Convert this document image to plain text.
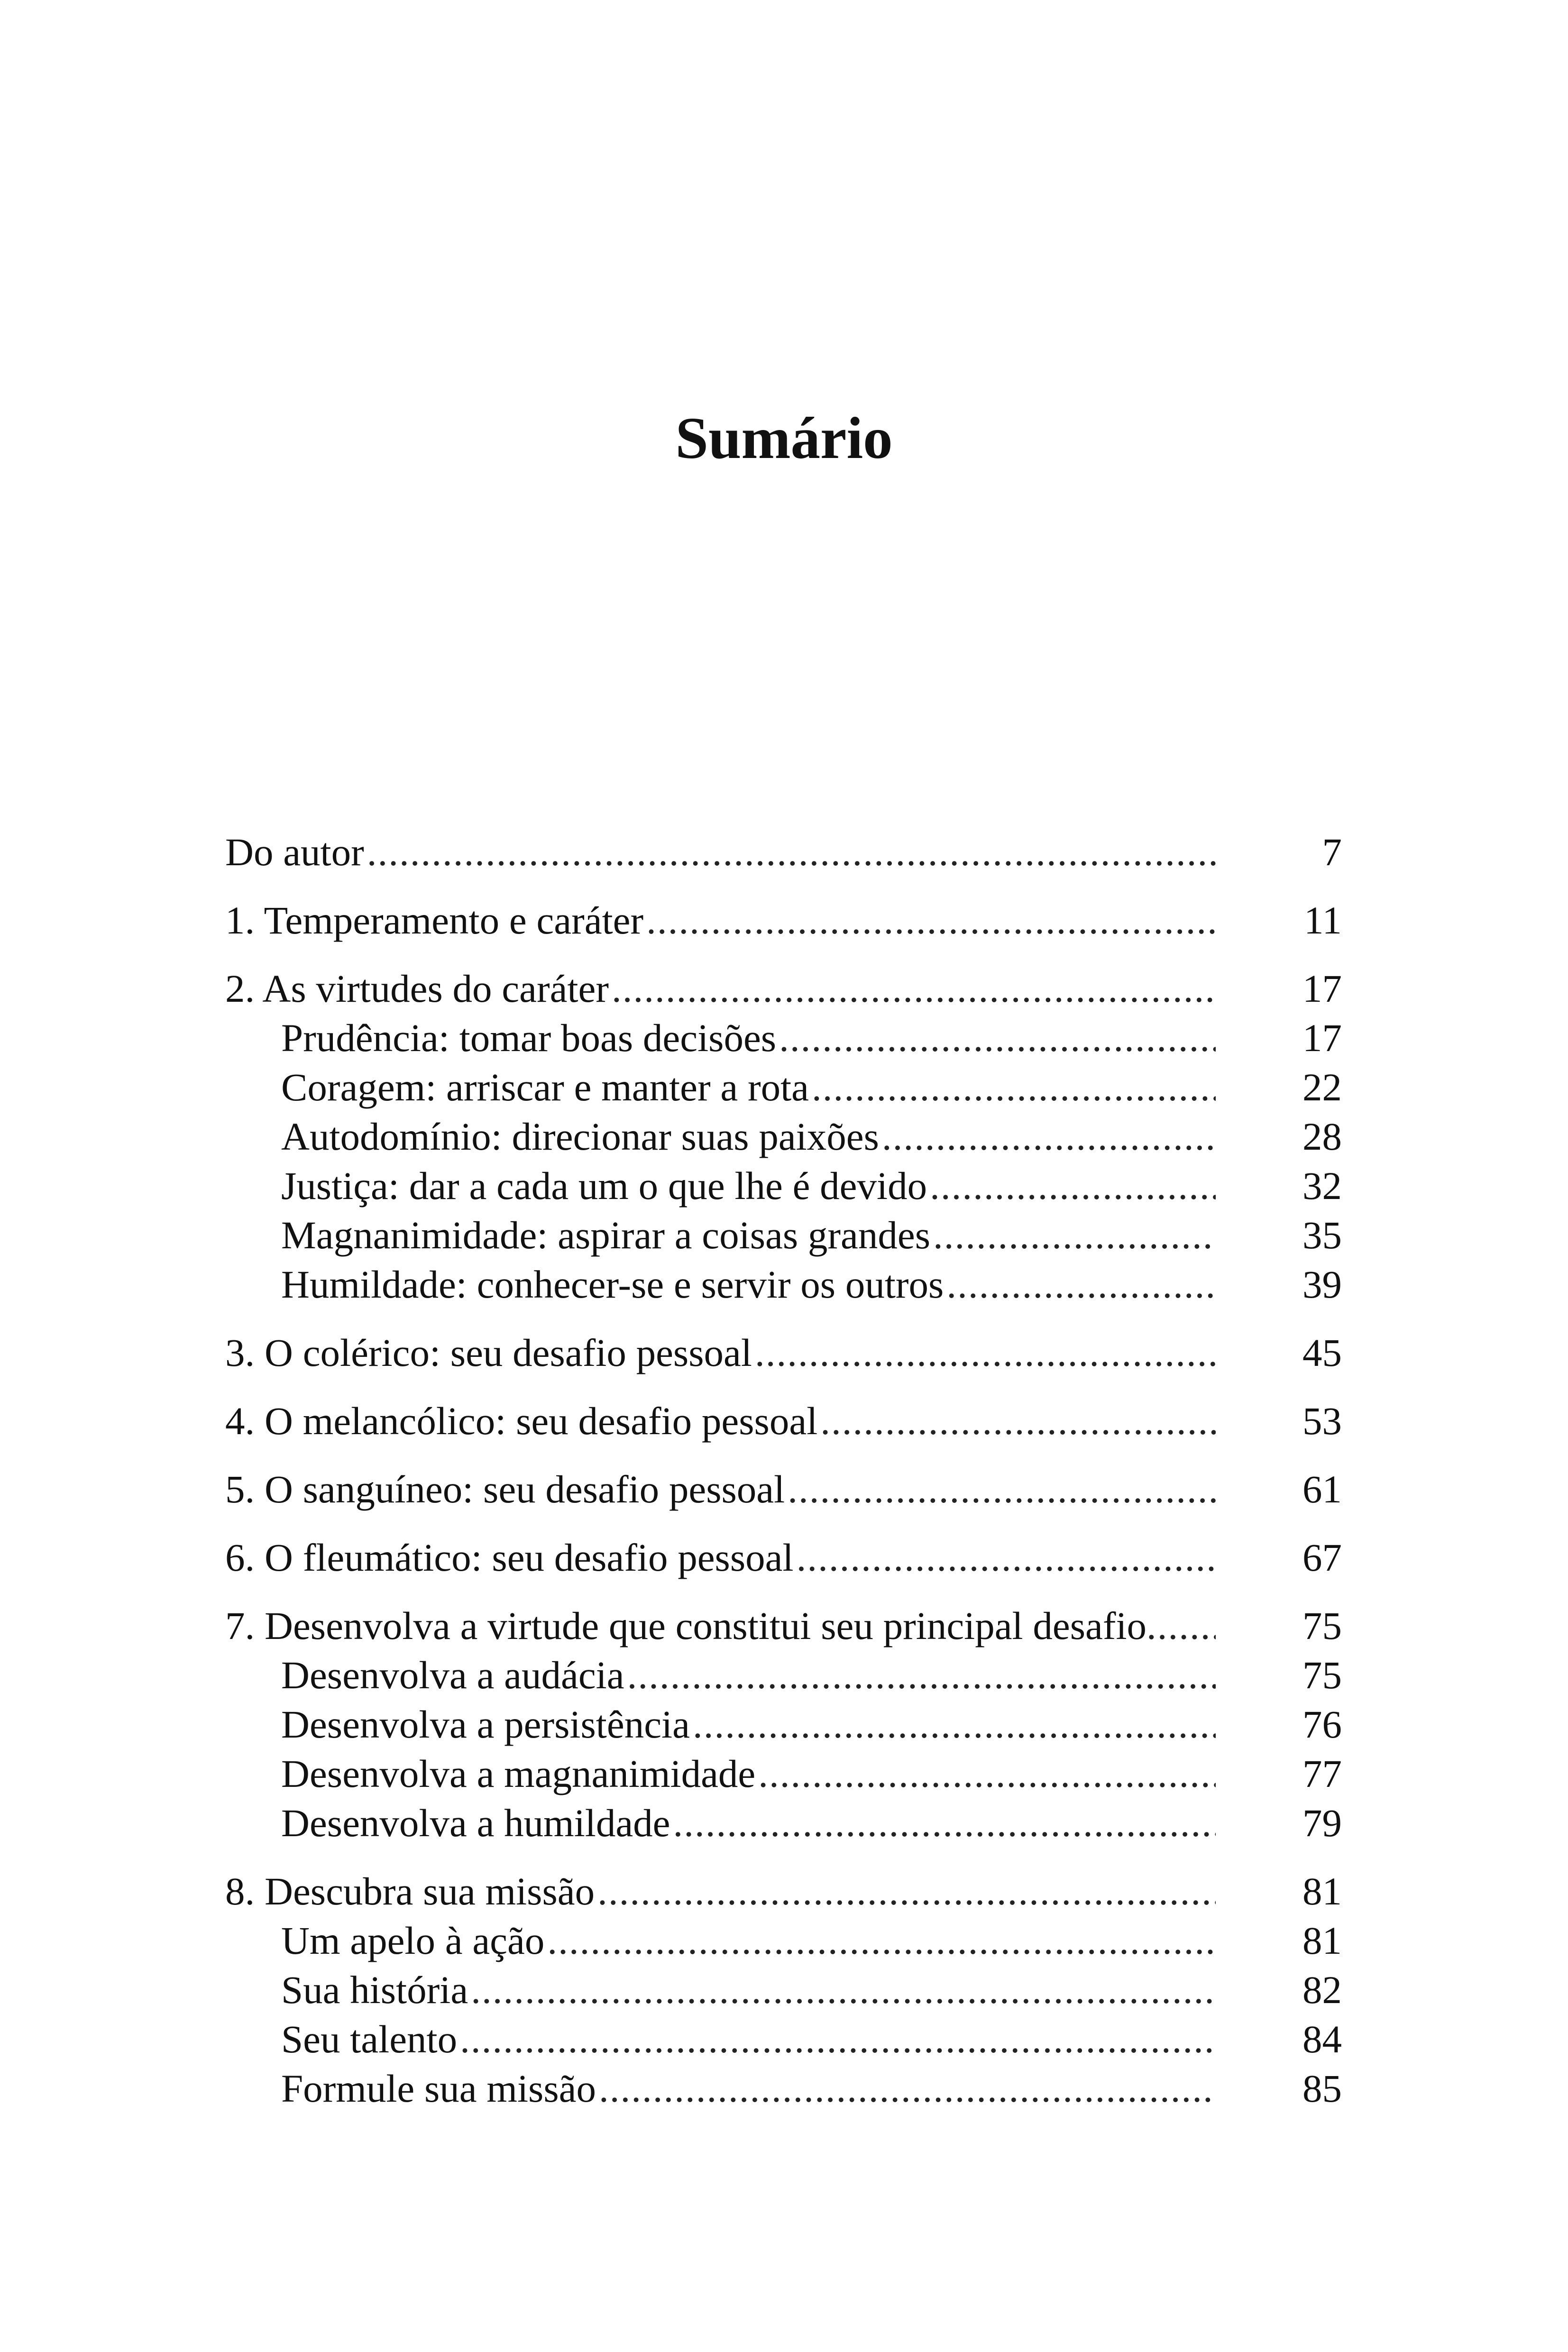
Sumário
Do autor .....	7
1. Temperamento e caráter .....	11
2. As virtudes do caráter .....	17
Prudência: tomar boas decisões .....	17
Coragem: arriscar e manter a rota .....	22
Autodomínio: direcionar suas paixões .....	28
Justiça: dar a cada um o que lhe é devido .....	32
Magnanimidade: aspirar a coisas grandes .....	35
Humildade: conhecer-se e servir os outros .....	39
3. O colérico: seu desafio pessoal .....	45
4. O melancólico: seu desafio pessoal .....	53
5. O sanguíneo: seu desafio pessoal .....	61
6. O fleumático: seu desafio pessoal .....	67
7. Desenvolva a virtude que constitui seu principal desafio .....	75
Desenvolva a audácia .....	75
Desenvolva a persistência .....	76
Desenvolva a magnanimidade .....	77
Desenvolva a humildade .....	79
8. Descubra sua missão .....	81
Um apelo à ação .....	81
Sua história .....	82
Seu talento .....	84
Formule sua missão .....	85
